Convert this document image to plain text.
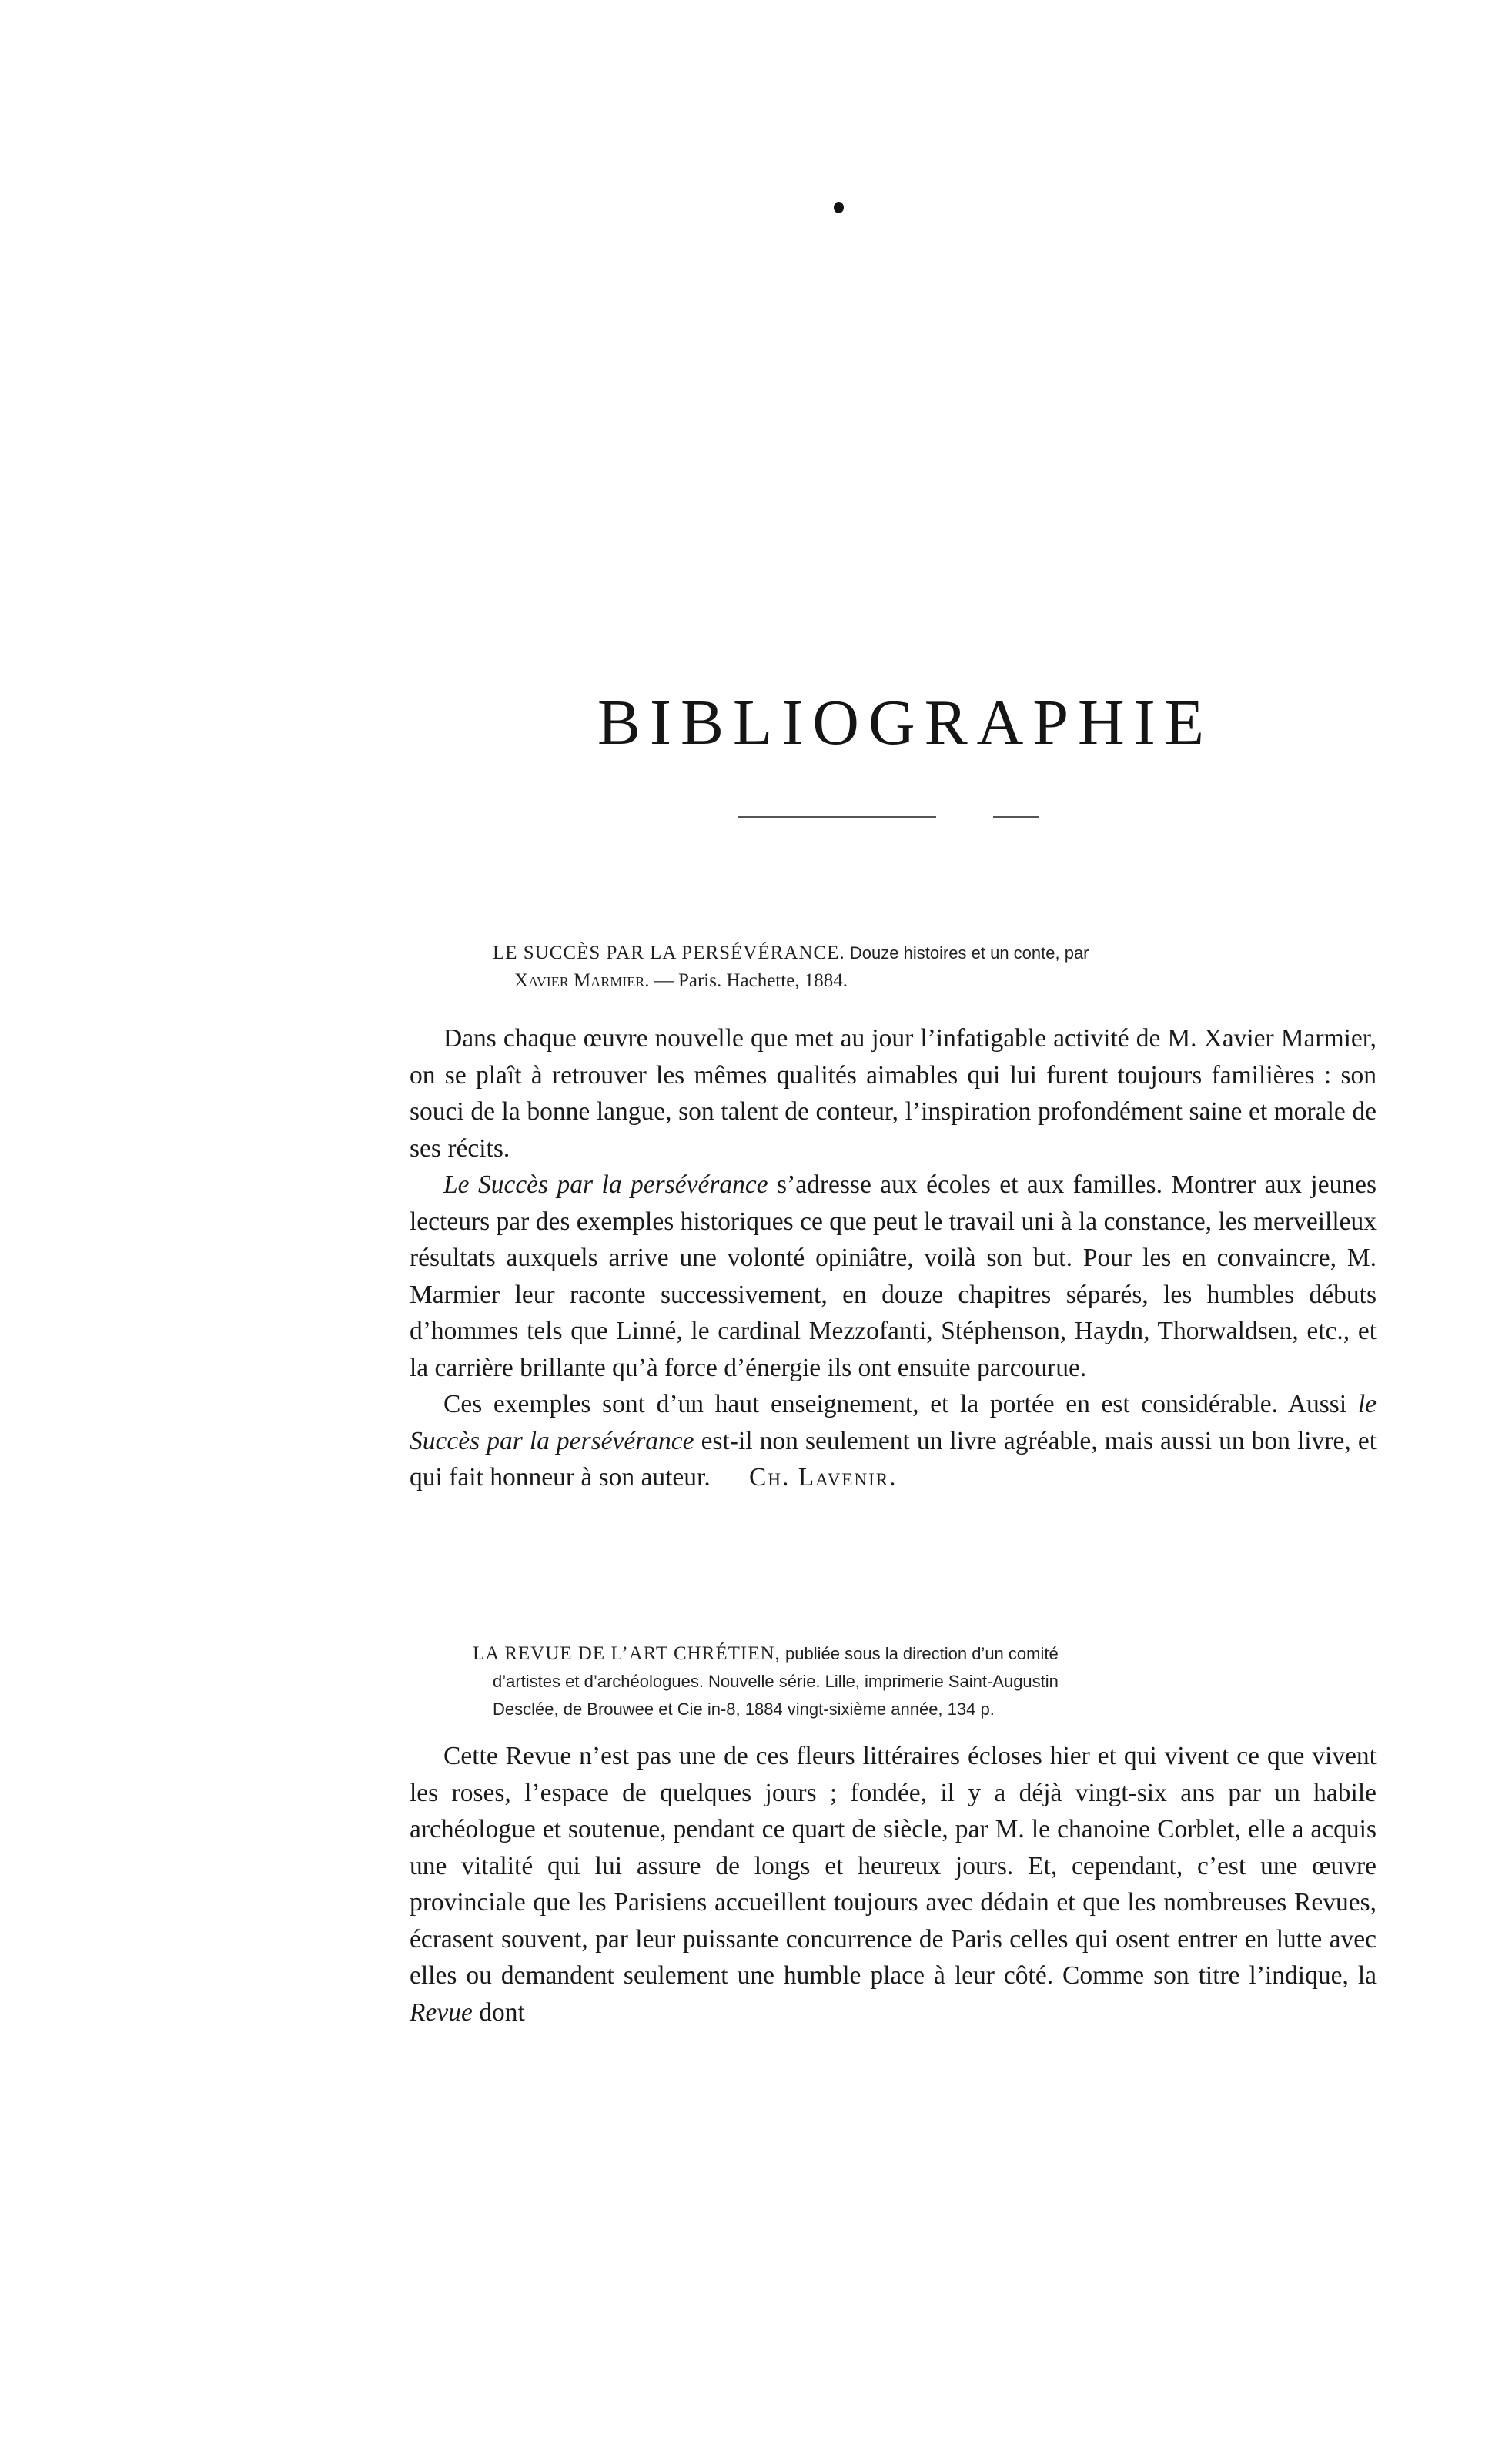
BIBLIOGRAPHIE
LE SUCCÈS PAR LA PERSÉVÉRANCE. Douze histoires et un conte, par
Xavier Marmier. — Paris. Hachette, 1884.

Dans chaque œuvre nouvelle que met au jour l’infatigable activité de M. Xavier Marmier, on se plaît à retrouver les mêmes qualités aimables qui lui furent toujours familières : son souci de la bonne langue, son talent de conteur, l’inspiration profondément saine et morale de ses récits.

Le Succès par la persévérance s’adresse aux écoles et aux familles. Montrer aux jeunes lecteurs par des exemples historiques ce que peut le travail uni à la constance, les merveilleux résultats auxquels arrive une volonté opiniâtre, voilà son but. Pour les en convaincre, M. Marmier leur raconte successivement, en douze chapitres séparés, les humbles débuts d’hommes tels que Linné, le cardinal Mezzofanti, Stéphenson, Haydn, Thorwaldsen, etc., et la carrière brillante qu’à force d’énergie ils ont ensuite parcourue.

Ces exemples sont d’un haut enseignement, et la portée en est considérable. Aussi le Succès par la persévérance est-il non seulement un livre agréable, mais aussi un bon livre, et qui fait honneur à son auteur. Ch. Lavenir.

LA REVUE DE L’ART CHRÉTIEN, publiée sous la direction d’un comité
d’artistes et d’archéologues. Nouvelle série. Lille, imprimerie Saint-Augustin
Desclée, de Brouwee et Cie in-8, 1884 vingt-sixième année, 134 p.

Cette Revue n’est pas une de ces fleurs littéraires écloses hier et qui vivent ce que vivent les roses, l’espace de quelques jours ; fondée, il y a déjà vingt-six ans par un habile archéologue et soutenue, pendant ce quart de siècle, par M. le chanoine Corblet, elle a acquis une vitalité qui lui assure de longs et heureux jours. Et, cependant, c’est une œuvre provinciale que les Parisiens accueillent toujours avec dédain et que les nombreuses Revues, écrasent souvent, par leur puissante concurrence de Paris celles qui osent entrer en lutte avec elles ou demandent seulement une humble place à leur côté. Comme son titre l’indique, la Revue dont
